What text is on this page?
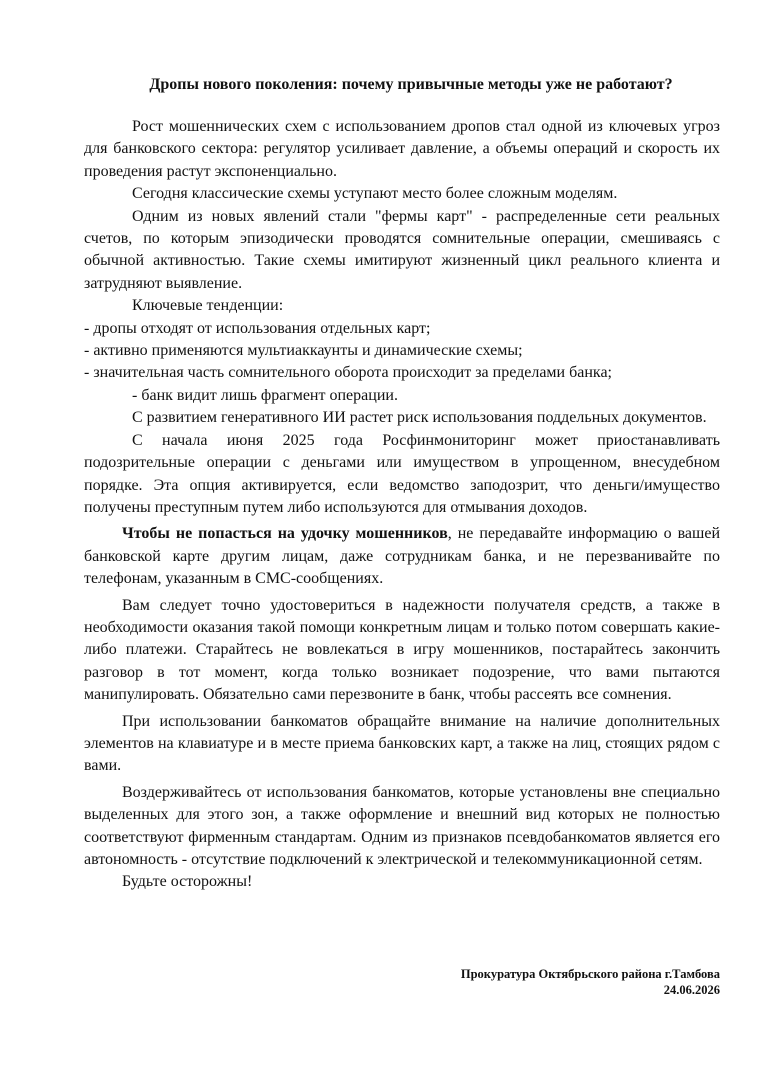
Дропы нового поколения: почему привычные методы уже не работают?

Рост мошеннических схем с использованием дропов стал одной из ключевых угроз для банковского сектора: регулятор усиливает давление, а объемы операций и скорость их проведения растут экспоненциально.

Сегодня классические схемы уступают место более сложным моделям.

Одним из новых явлений стали "фермы карт" - распределенные сети реальных счетов, по которым эпизодически проводятся сомнительные операции, смешиваясь с обычной активностью. Такие схемы имитируют жизненный цикл реального клиента и затрудняют выявление.

Ключевые тенденции:

- дропы отходят от использования отдельных карт;

- активно применяются мультиаккаунты и динамические схемы;

- значительная часть сомнительного оборота происходит за пределами банка;

- банк видит лишь фрагмент операции.

С развитием генеративного ИИ растет риск использования поддельных документов.

С начала июня 2025 года Росфинмониторинг может приостанавливать подозрительные операции с деньгами или имуществом в упрощенном, внесудебном порядке. Эта опция активируется, если ведомство заподозрит, что деньги/имущество получены преступным путем либо используются для отмывания доходов.

Чтобы не попасться на удочку мошенников, не передавайте информацию о вашей банковской карте другим лицам, даже сотрудникам банка, и не перезванивайте по телефонам, указанным в СМС-сообщениях.

Вам следует точно удостовериться в надежности получателя средств, а также в необходимости оказания такой помощи конкретным лицам и только потом совершать какие-либо платежи. Старайтесь не вовлекаться в игру мошенников, постарайтесь закончить разговор в тот момент, когда только возникает подозрение, что вами пытаются манипулировать. Обязательно сами перезвоните в банк, чтобы рассеять все сомнения.

При использовании банкоматов обращайте внимание на наличие дополнительных элементов на клавиатуре и в месте приема банковских карт, а также на лиц, стоящих рядом с вами.

Воздерживайтесь от использования банкоматов, которые установлены вне специально выделенных для этого зон, а также оформление и внешний вид которых не полностью соответствуют фирменным стандартам. Одним из признаков псевдобанкоматов является его автономность - отсутствие подключений к электрической и телекоммуникационной сетям.

Будьте осторожны!

Прокуратура Октябрьского района г.Тамбова
24.06.2026
